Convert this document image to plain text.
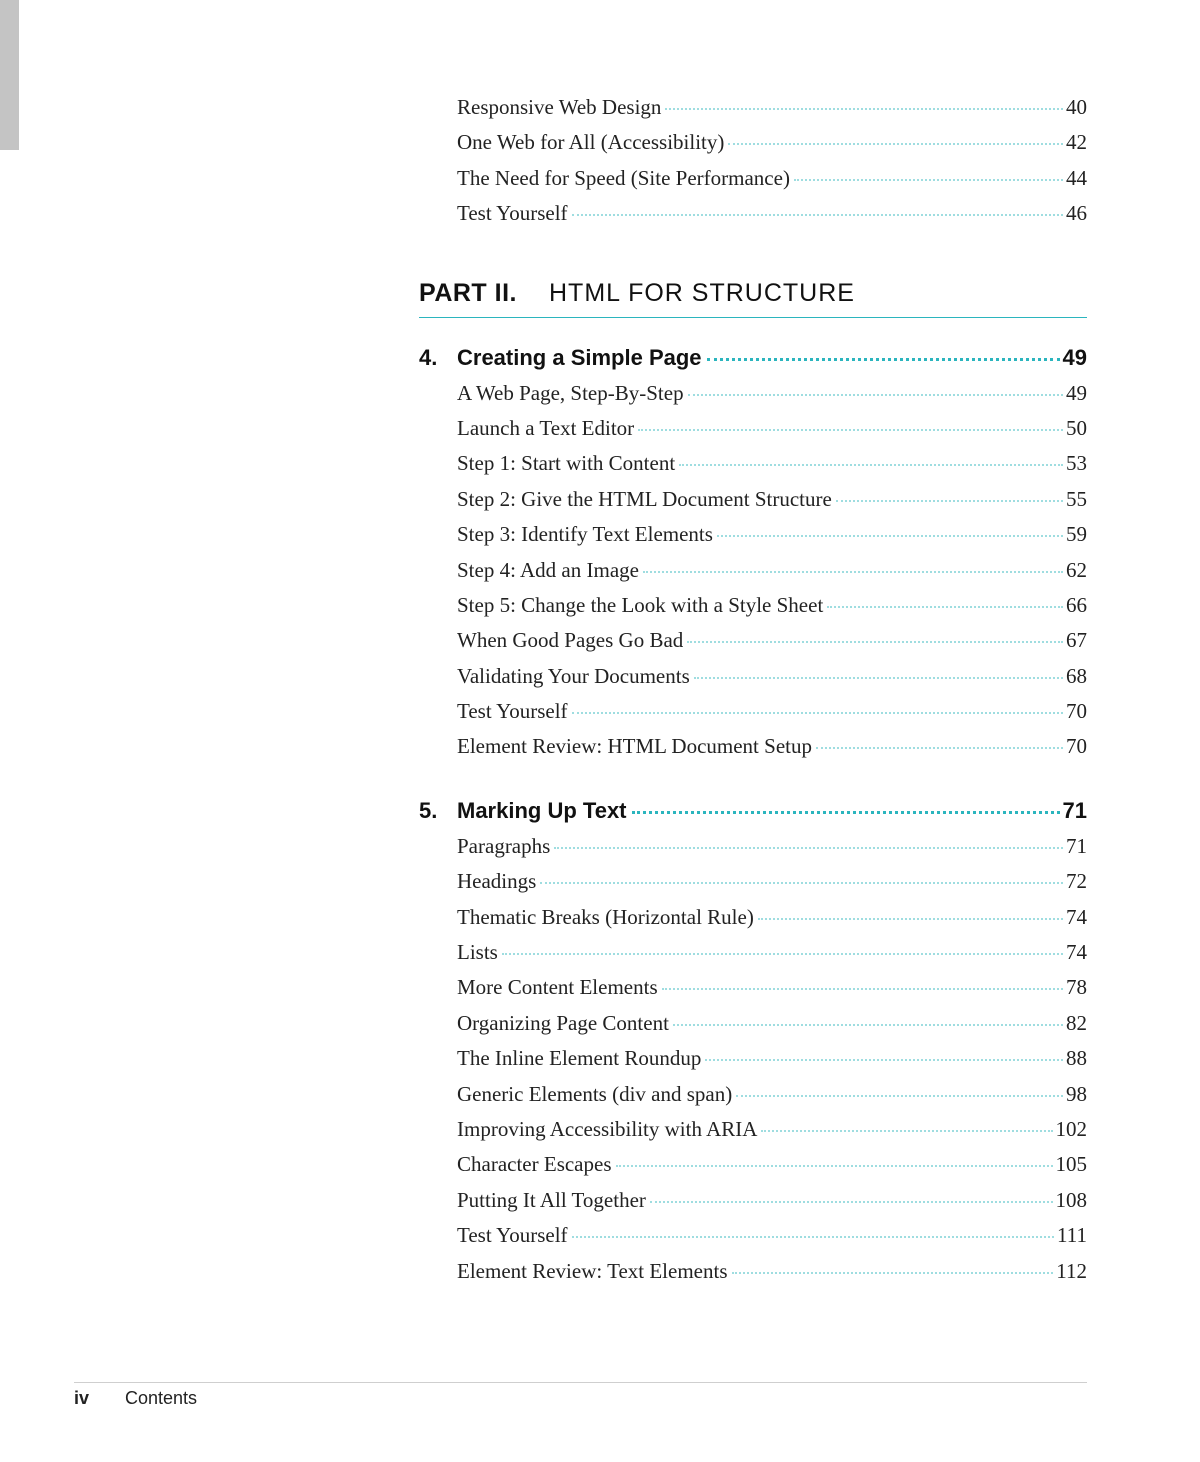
Responsive Web Design	40
One Web for All (Accessibility)	42
The Need for Speed (Site Performance)	44
Test Yourself	46
PART II. HTML FOR STRUCTURE
4. Creating a Simple Page	49
A Web Page, Step-By-Step	49
Launch a Text Editor	50
Step 1: Start with Content	53
Step 2: Give the HTML Document Structure	55
Step 3: Identify Text Elements	59
Step 4: Add an Image	62
Step 5: Change the Look with a Style Sheet	66
When Good Pages Go Bad	67
Validating Your Documents	68
Test Yourself	70
Element Review: HTML Document Setup	70
5. Marking Up Text	71
Paragraphs	71
Headings	72
Thematic Breaks (Horizontal Rule)	74
Lists	74
More Content Elements	78
Organizing Page Content	82
The Inline Element Roundup	88
Generic Elements (div and span)	98
Improving Accessibility with ARIA	102
Character Escapes	105
Putting It All Together	108
Test Yourself	111
Element Review: Text Elements	112
iv Contents
